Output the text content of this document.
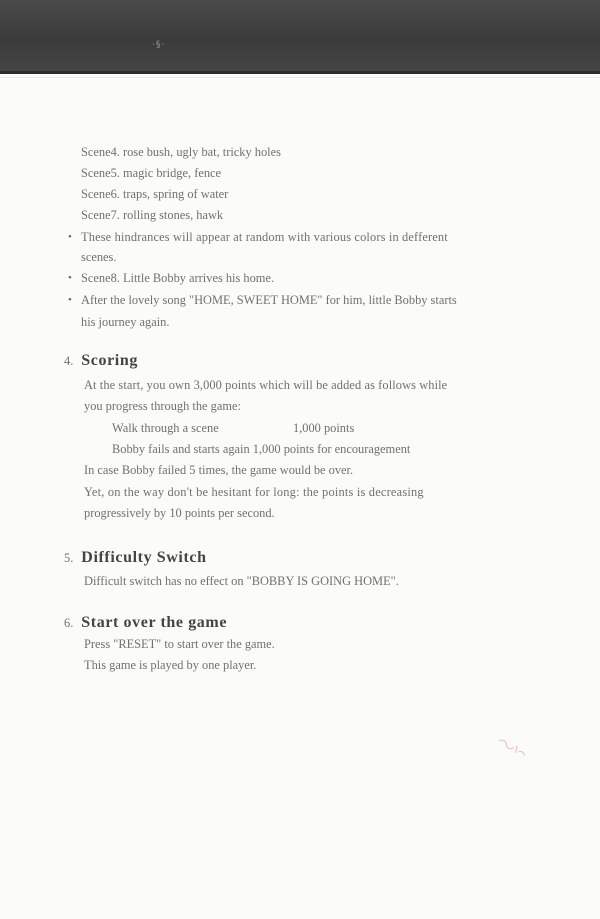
·§·
Scene4. rose bush, ugly bat, tricky holes
Scene5. magic bridge, fence
Scene6. traps, spring of water
Scene7. rolling stones, hawk
• These hindrances will appear at random with various colors in defferent
scenes.
• Scene8. Little Bobby arrives his home.
• After the lovely song "HOME, SWEET HOME" for him, little Bobby starts
his journey again.
4. Scoring
At the start, you own 3,000 points which will be added as follows while
you progress through the game:
Walk through a scene	1,000 points
Bobby fails and starts again 1,000 points for encouragement
In case Bobby failed 5 times, the game would be over.
Yet, on the way don't be hesitant for long: the points is decreasing
progressively by 10 points per second.
5. Difficulty Switch
Difficult switch has no effect on "BOBBY IS GOING HOME".
6. Start over the game
Press "RESET" to start over the game.
This game is played by one player.
